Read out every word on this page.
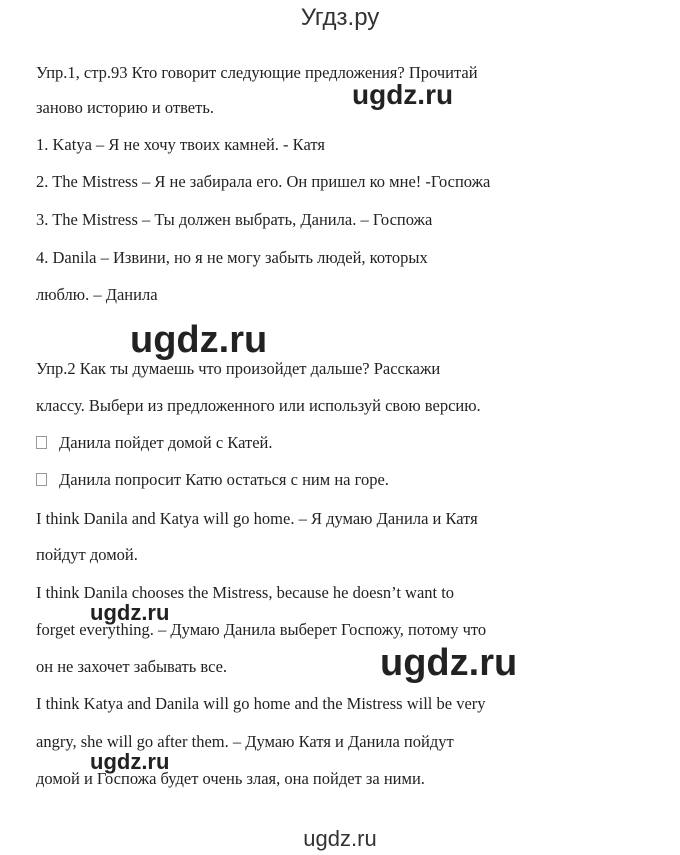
Угдз.ру
Упр.1, стр.93 Кто говорит следующие предложения? Прочитай
заново историю и ответь.
1. Katya – Я не хочу твоих камней. - Катя
2. The Mistress – Я не забирала его. Он пришел ко мне! -Госпожа
3. The Mistress – Ты должен выбрать, Данила. – Госпожа
4. Danila – Извини, но я не могу забыть людей, которых
люблю. – Данила
Упр.2 Как ты думаешь что произойдет дальше? Расскажи
классу. Выбери из предложенного или используй свою версию.
Данила пойдет домой с Катей.
Данила попросит Катю остаться с ним на горе.
I think Danila and Katya will go home. – Я думаю Данила и Катя
пойдут домой.
I think Danila chooses the Mistress, because he doesn’t want to
forget everything. – Думаю Данила выберет Госпожу, потому что
он не захочет забывать все.
I think Katya and Danila will go home and the Mistress will be very
angry, she will go after them. – Думаю Катя и Данила пойдут
домой и Госпожа будет очень злая, она пойдет за ними.
ugdz.ru
ugdz.ru
ugdz.ru
ugdz.ru
ugdz.ru
ugdz.ru
